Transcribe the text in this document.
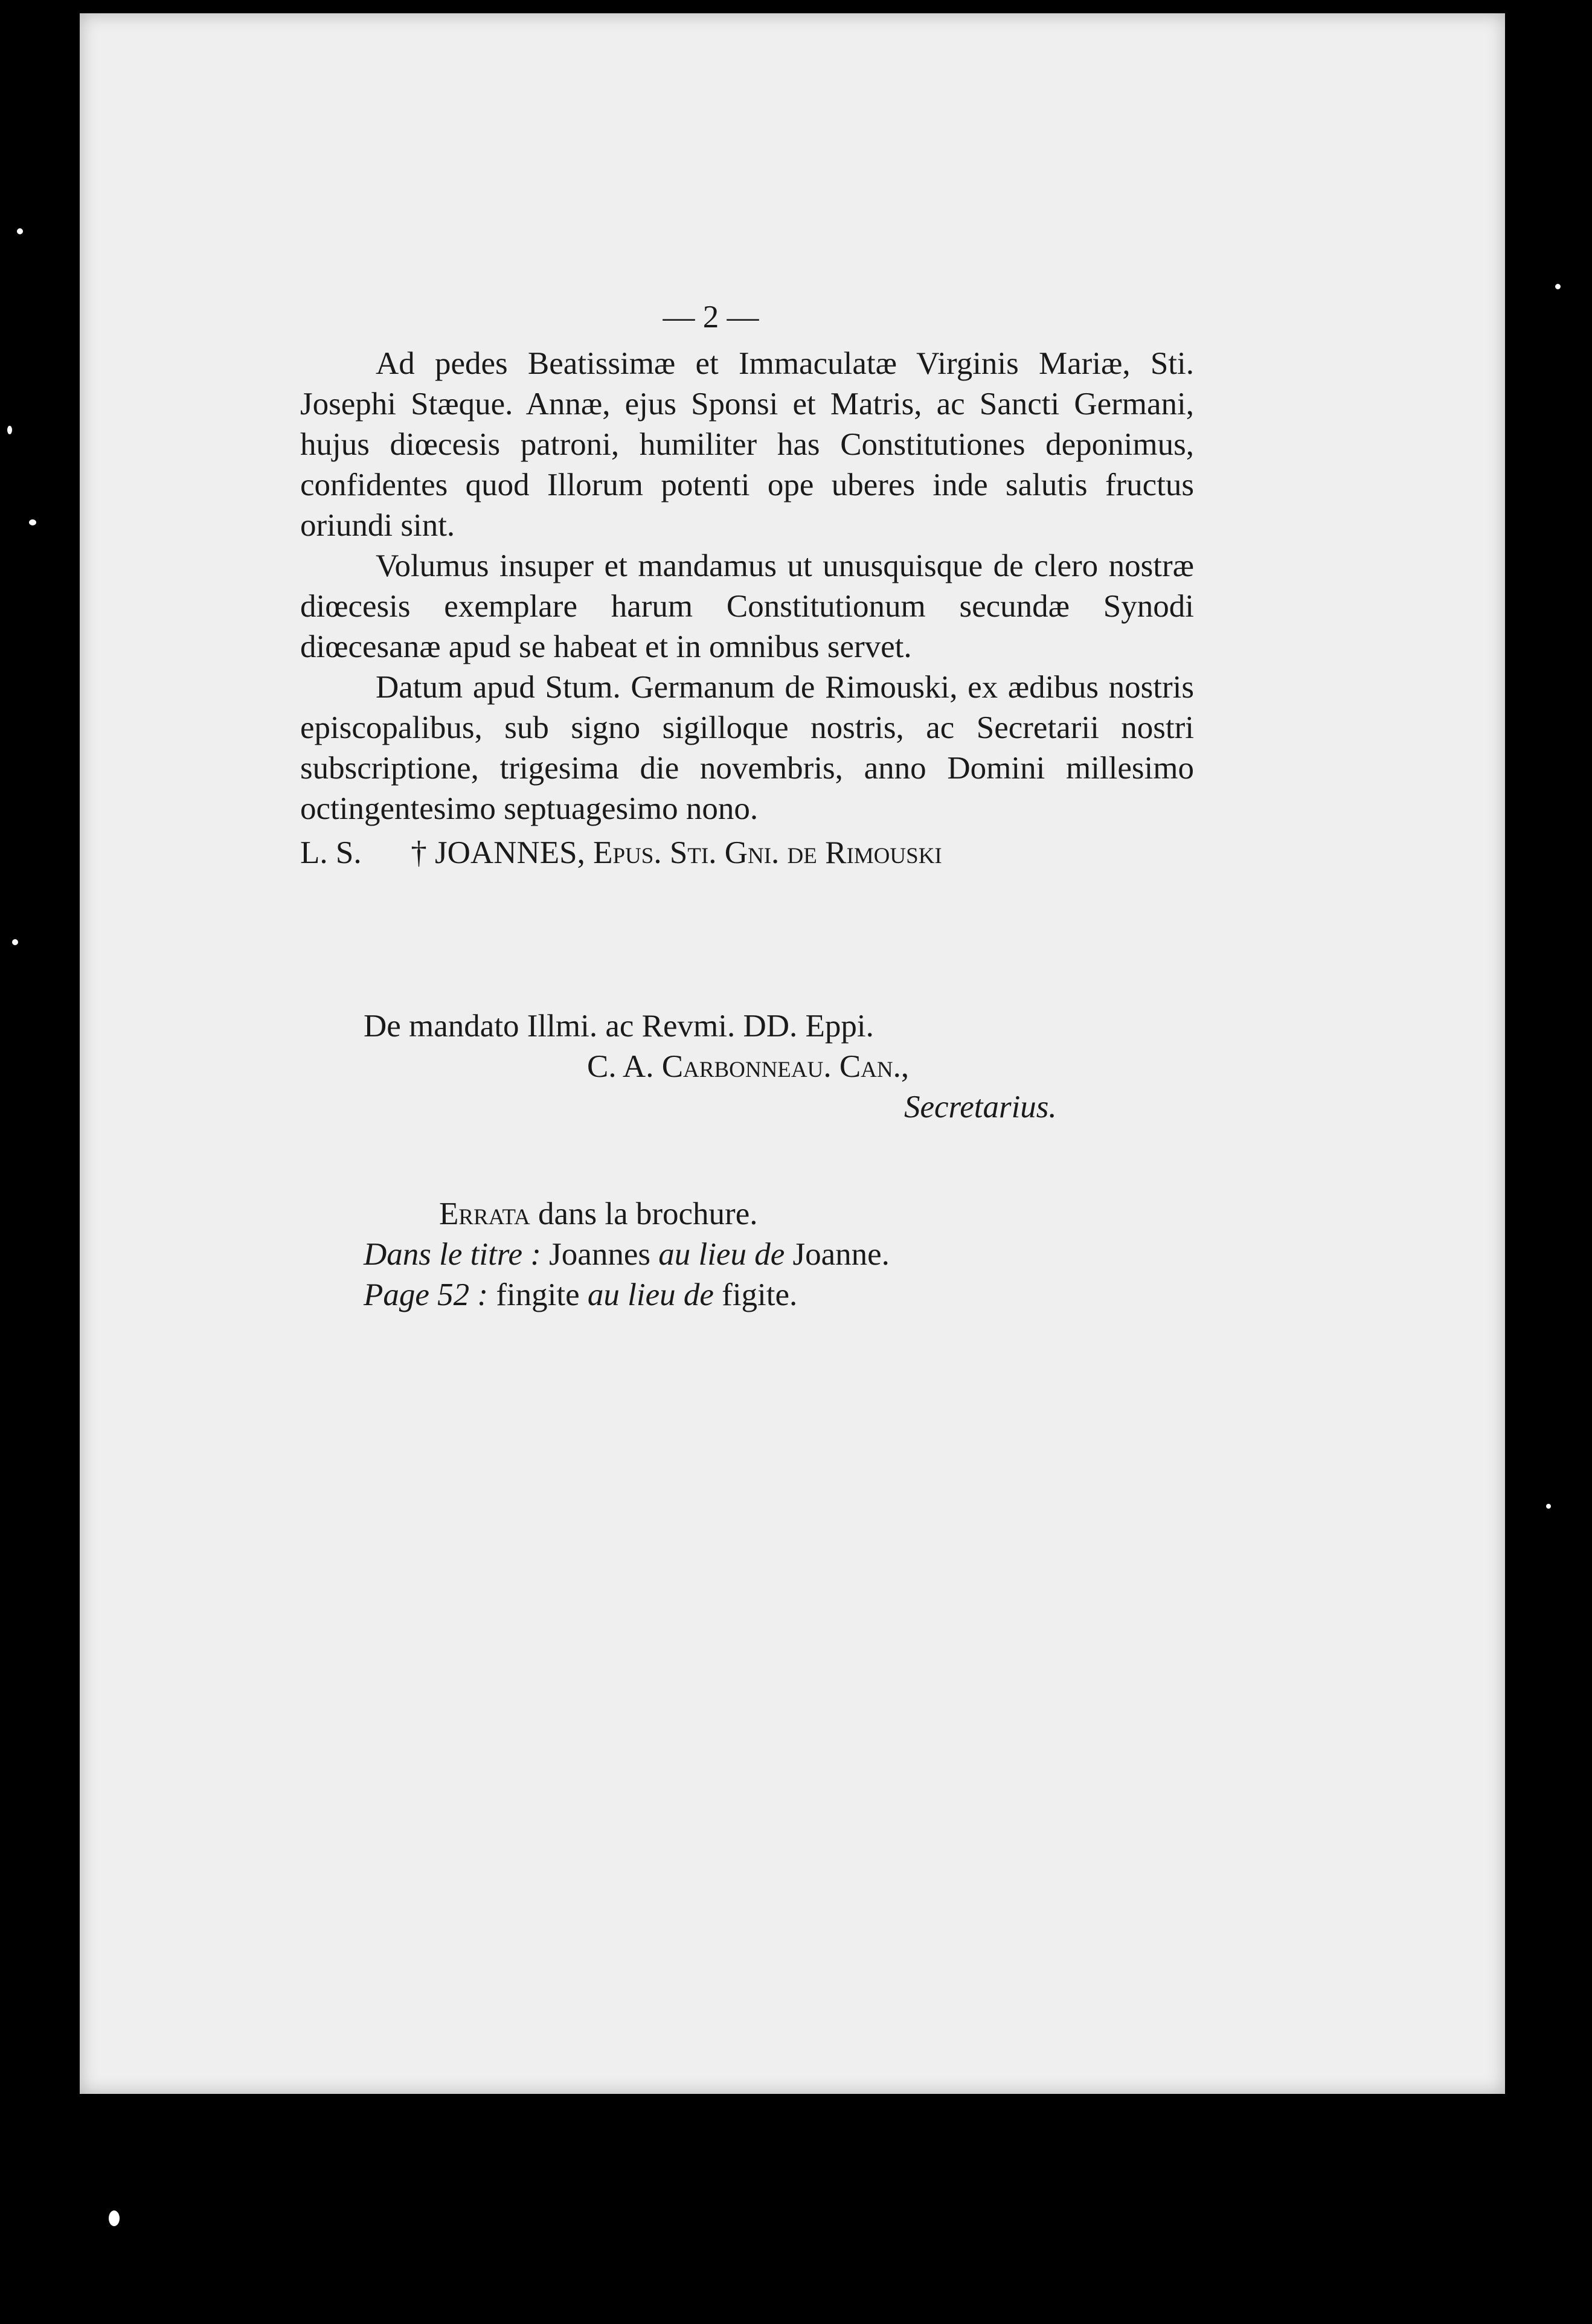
— 2 —

Ad pedes Beatissimæ et Immaculatæ Virginis Mariæ, Sti. Josephi Stæque. Annæ, ejus Sponsi et Matris, ac Sancti Germani, hujus diœcesis patroni, humiliter has Constitutiones deponimus, confidentes quod Illorum potenti ope uberes inde salutis fructus oriundi sint.

Volumus insuper et mandamus ut unusquisque de clero nostræ diœcesis exemplare harum Constitutionum secundæ Synodi diœcesanæ apud se habeat et in omnibus servet.

Datum apud Stum. Germanum de Rimouski, ex ædibus nostris episcopalibus, sub signo sigilloque nostris, ac Secretarii nostri subscriptione, trigesima die novembris, anno Domini millesimo octingentesimo septuagesimo nono.

L. S. † JOANNES, Epus. Sti. Gni. de Rimouski
De mandato Illmi. ac Revmi. DD. Eppi.
C. A. Carbonneau. Can.,
Secretarius.
Errata dans la brochure.
Dans le titre : Joannes au lieu de Joanne.
Page 52 : fingite au lieu de figite.
